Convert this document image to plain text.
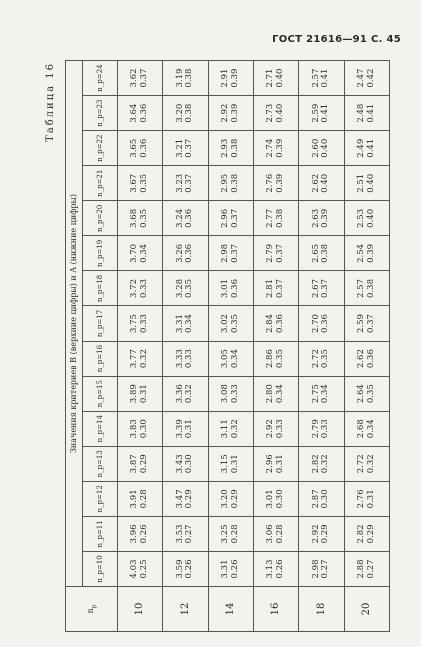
ГОСТ 21616—91 С. 45
Таблица 16
$n_p$	Значения критериев B (верхние цифры) и A (нижние цифры)														
	n_p=10	n_p=11	n_p=12	n_p=13	n_p=14	n_p=15	n_p=16	n_p=17	n_p=18	n_p=19	n_p=20	n_p=21	n_p=22	n_p=23	n_p=24
10	4.03 0.25	3.96 0.26	3.91 0.28	3.87 0.29	3.83 0.30	3.89 0.31	3.77 0.32	3.75 0.33	3.72 0.33	3.70 0.34	3.68 0.35	3.67 0.35	3.65 0.36	3.64 0.36	3.62 0.37

12	3.59 0.26	3.53 0.27	3.47 0.29	3.43 0.30	3.39 0.31	3.36 0.32	3.33 0.33	3.31 0.34	3.28 0.35	3.26 0.36	3.24 0.36	3.23 0.37	3.21 0.37	3.20 0.38	3.19 0.38

14	3.31 0.26	3.25 0.28	3.20 0.29	3.15 0.31	3.11 0.32	3.08 0.33	3.05 0.34	3.02 0.35	3.01 0.36	2.98 0.37	2.96 0.37	2.95 0.38	2.93 0.38	2.92 0.39	2.91 0.39

16	3.13 0.26	3.06 0.28	3.01 0.30	2.96 0.31	2.92 0.33	2.80 0.34	2.86 0.35	2.84 0.36	2.81 0.37	2.79 0.37	2.77 0.38	2.76 0.39	2.74 0.39	2.73 0.40	2.71 0.40

18	2.98 0.27	2.92 0.29	2.87 0.30	2.82 0.32	2.79 0.33	2.75 0.34	2.72 0.35	2.70 0.36	2.67 0.37	2.65 0.38	2.63 0.39	2.62 0.40	2.60 0.40	2.59 0.41	2.57 0.41

20	2.88 0.27	2.82 0.29	2.76 0.31	2.72 0.32	2.68 0.34	2.64 0.35	2.62 0.36	2.59 0.37	2.57 0.38	2.54 0.39	2.53 0.40	2.51 0.40	2.49 0.41	2.48 0.41	2.47 0.42
